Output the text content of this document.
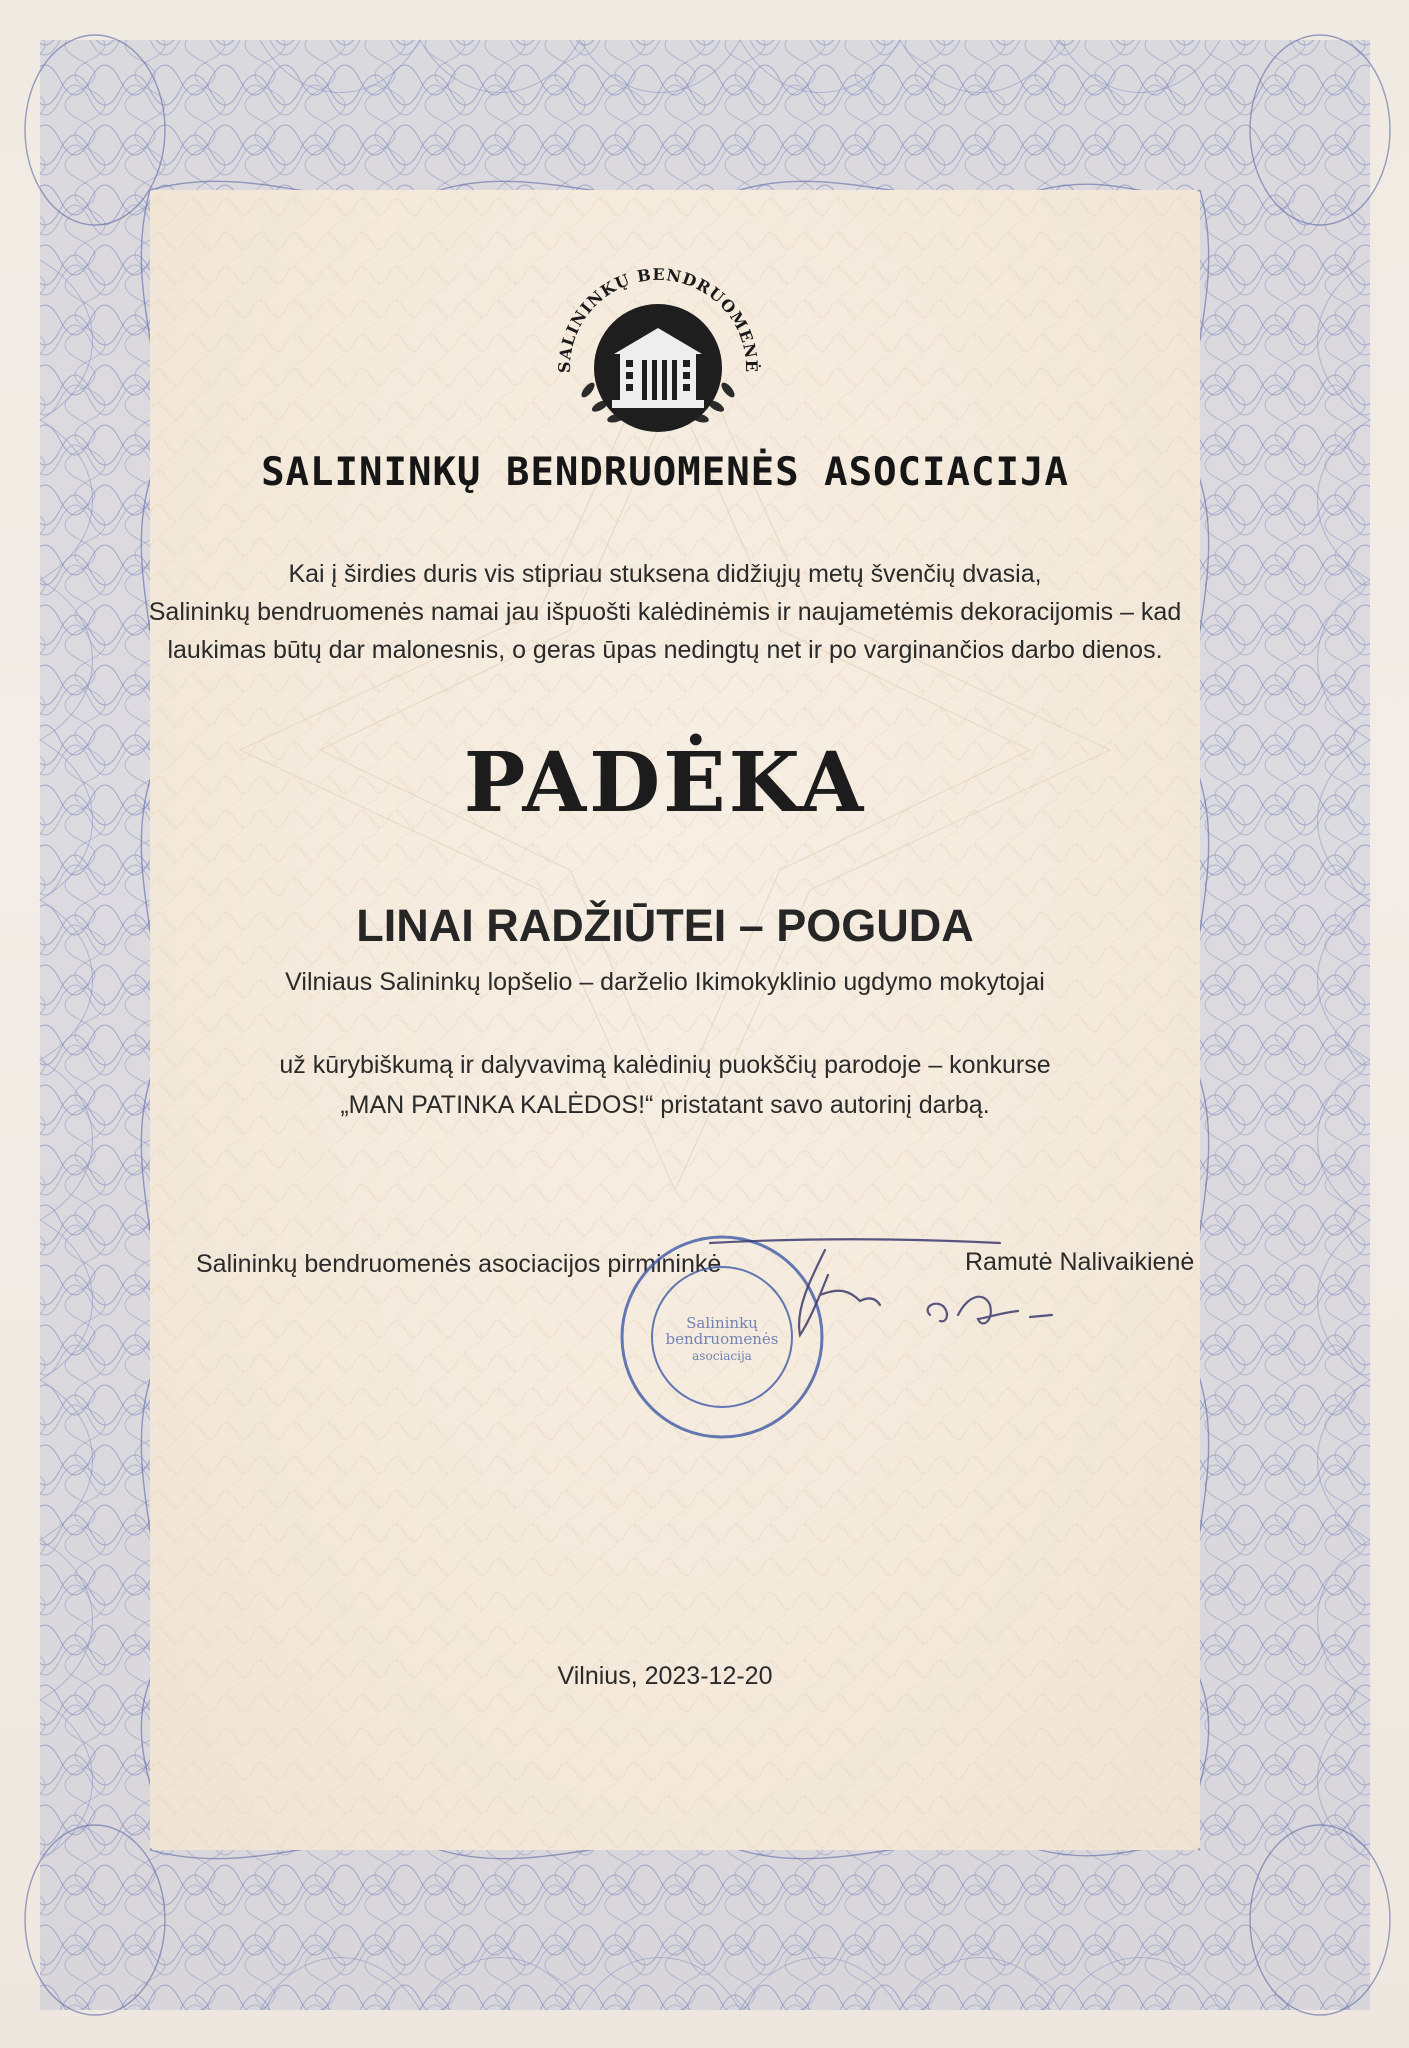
SALININKŲ BENDRUOMENĖ
SALININKŲ BENDRUOMENĖS ASOCIACIJA
Kai į širdies duris vis stipriau stuksena didžiųjų metų švenčių dvasia,
Salininkų bendruomenės namai jau išpuošti kalėdinėmis ir naujametėmis dekoracijomis – kad
laukimas būtų dar malonesnis, o geras ūpas nedingtų net ir po varginančios darbo dienos.
PADĖKA
LINAI RADŽIŪTEI – POGUDA
Vilniaus Salininkų lopšelio – darželio Ikimokyklinio ugdymo mokytojai
už kūrybiškumą ir dalyvavimą kalėdinių puokščių parodoje – konkurse
„MAN PATINKA KALĖDOS!“ pristatant savo autorinį darbą.
Salininkų bendruomenės asociacijos pirmininkė	Ramutė Nalivaikienė
Salininkų
bendruomenės
asociacija
Vilnius, 2023-12-20
